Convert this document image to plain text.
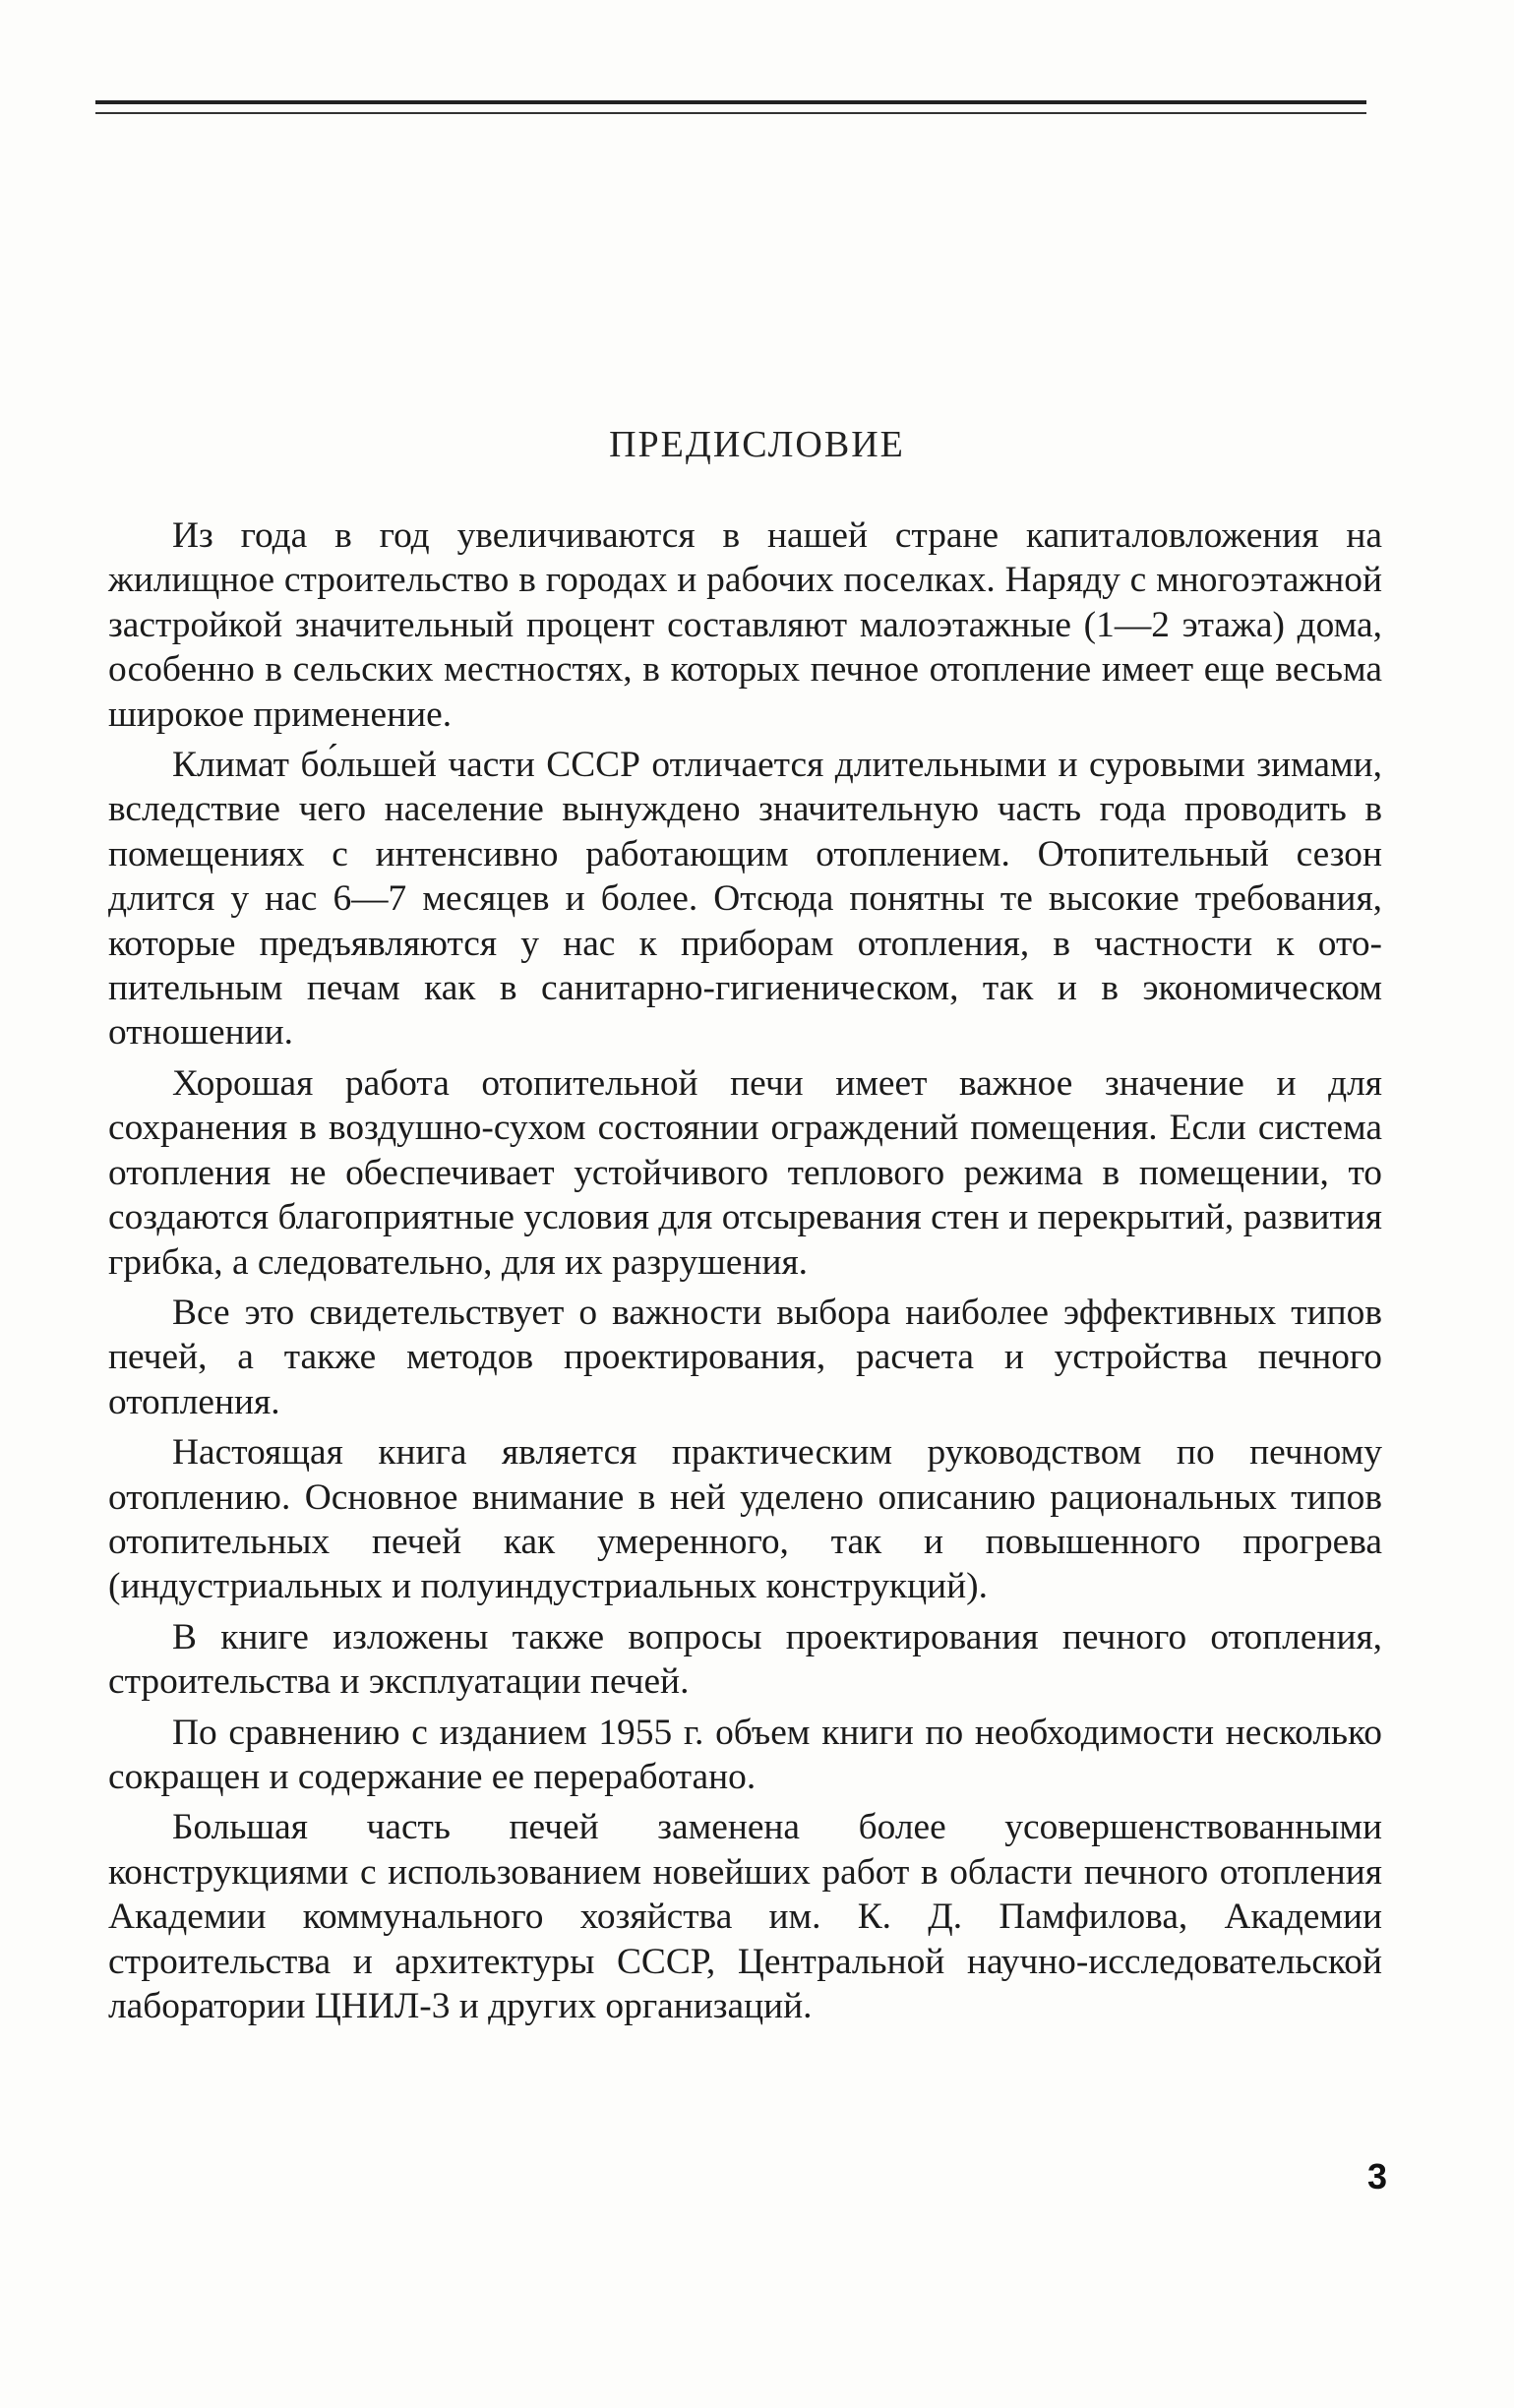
ПРЕДИСЛОВИЕ

Из года в год увеличиваются в нашей стране капиталовложения на жилищное строительство в городах и рабочих поселках. Наряду с многоэтажной застройкой значительный процент составляют малоэтажные (1—2 этажа) дома, особенно в сельских местностях, в которых печное отопление имеет еще весьма широкое применение.

Климат бо́льшей части СССР отличается длительными и суровыми зимами, вследствие чего население вынуждено значительную часть года проводить в помещениях с интенсивно работающим отоплением. Отопительный сезон длится у нас 6—7 месяцев и более. Отсюда понятны те высокие требования, которые предъявляются у нас к приборам отопления, в частности к отопительным печам как в санитарно-гигиеническом, так и в экономическом отношении.

Хорошая работа отопительной печи имеет важное значение и для сохранения в воздушно-сухом состоянии ограждений помещения. Если система отопления не обеспечивает устойчивого теплового режима в помещении, то создаются благоприятные условия для отсыревания стен и перекрытий, развития грибка, а следовательно, для их разрушения.

Все это свидетельствует о важности выбора наиболее эффективных типов печей, а также методов проектирования, расчета и устройства печного отопления.

Настоящая книга является практическим руководством по печному отоплению. Основное внимание в ней уделено описанию рациональных типов отопительных печей как умеренного, так и повышенного прогрева (индустриальных и полуиндустриальных конструкций).

В книге изложены также вопросы проектирования печного отопления, строительства и эксплуатации печей.

По сравнению с изданием 1955 г. объем книги по необходимости несколько сокращен и содержание ее переработано.

Большая часть печей заменена более усовершенствованными конструкциями с использованием новейших работ в области печного отопления Академии коммунального хозяйства им. К. Д. Памфилова, Академии строительства и архитектуры СССР, Центральной научно-исследовательской лаборатории ЦНИЛ-3 и других организаций.

3
